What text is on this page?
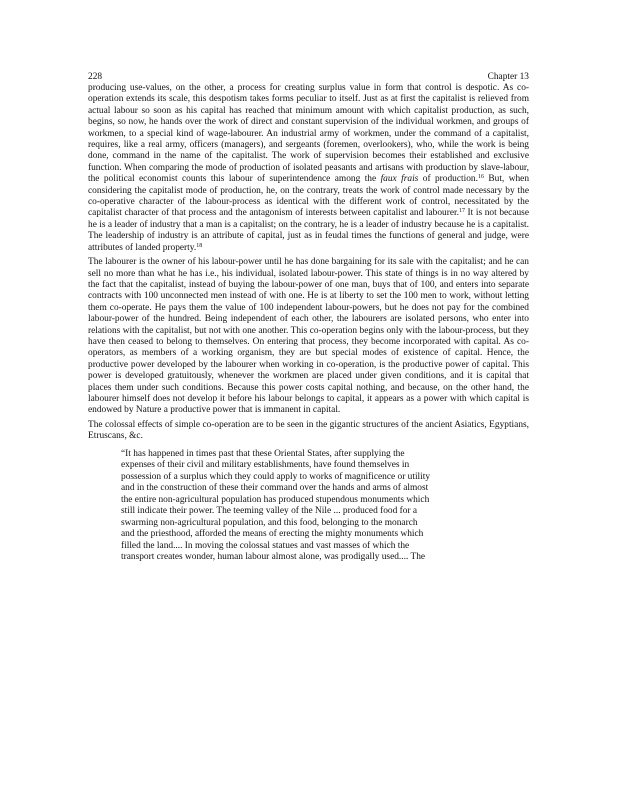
228	Chapter 13

producing use-values, on the other, a process for creating surplus value in form that control is despotic. As co-operation extends its scale, this despotism takes forms peculiar to itself. Just as at first the capitalist is relieved from actual labour so soon as his capital has reached that minimum amount with which capitalist production, as such, begins, so now, he hands over the work of direct and constant supervision of the individual workmen, and groups of workmen, to a special kind of wage-labourer. An industrial army of workmen, under the command of a capitalist, requires, like a real army, officers (managers), and sergeants (foremen, overlookers), who, while the work is being done, command in the name of the capitalist. The work of supervision becomes their established and exclusive function. When comparing the mode of production of isolated peasants and artisans with production by slave-labour, the political economist counts this labour of superintendence among the faux frais of production.$^{16}$ But, when considering the capitalist mode of production, he, on the contrary, treats the work of control made necessary by the co-operative character of the labour-process as identical with the different work of control, necessitated by the capitalist character of that process and the antagonism of interests between capitalist and labourer.$^{17}$ It is not because he is a leader of industry that a man is a capitalist; on the contrary, he is a leader of industry because he is a capitalist. The leadership of industry is an attribute of capital, just as in feudal times the functions of general and judge, were attributes of landed property.$^{18}$

The labourer is the owner of his labour-power until he has done bargaining for its sale with the capitalist; and he can sell no more than what he has i.e., his individual, isolated labour-power. This state of things is in no way altered by the fact that the capitalist, instead of buying the labour-power of one man, buys that of 100, and enters into separate contracts with 100 unconnected men instead of with one. He is at liberty to set the 100 men to work, without letting them co-operate. He pays them the value of 100 independent labour-powers, but he does not pay for the combined labour-power of the hundred. Being independent of each other, the labourers are isolated persons, who enter into relations with the capitalist, but not with one another. This co-operation begins only with the labour-process, but they have then ceased to belong to themselves. On entering that process, they become incorporated with capital. As co-operators, as members of a working organism, they are but special modes of existence of capital. Hence, the productive power developed by the labourer when working in co-operation, is the productive power of capital. This power is developed gratuitously, whenever the workmen are placed under given conditions, and it is capital that places them under such conditions. Because this power costs capital nothing, and because, on the other hand, the labourer himself does not develop it before his labour belongs to capital, it appears as a power with which capital is endowed by Nature a productive power that is immanent in capital.

The colossal effects of simple co-operation are to be seen in the gigantic structures of the ancient Asiatics, Egyptians, Etruscans, &c.

“It has happened in times past that these Oriental States, after supplying the
expenses of their civil and military establishments, have found themselves in
possession of a surplus which they could apply to works of magnificence or utility
and in the construction of these their command over the hands and arms of almost
the entire non-agricultural population has produced stupendous monuments which
still indicate their power. The teeming valley of the Nile ... produced food for a
swarming non-agricultural population, and this food, belonging to the monarch
and the priesthood, afforded the means of erecting the mighty monuments which
filled the land.... In moving the colossal statues and vast masses of which the
transport creates wonder, human labour almost alone, was prodigally used.... The
